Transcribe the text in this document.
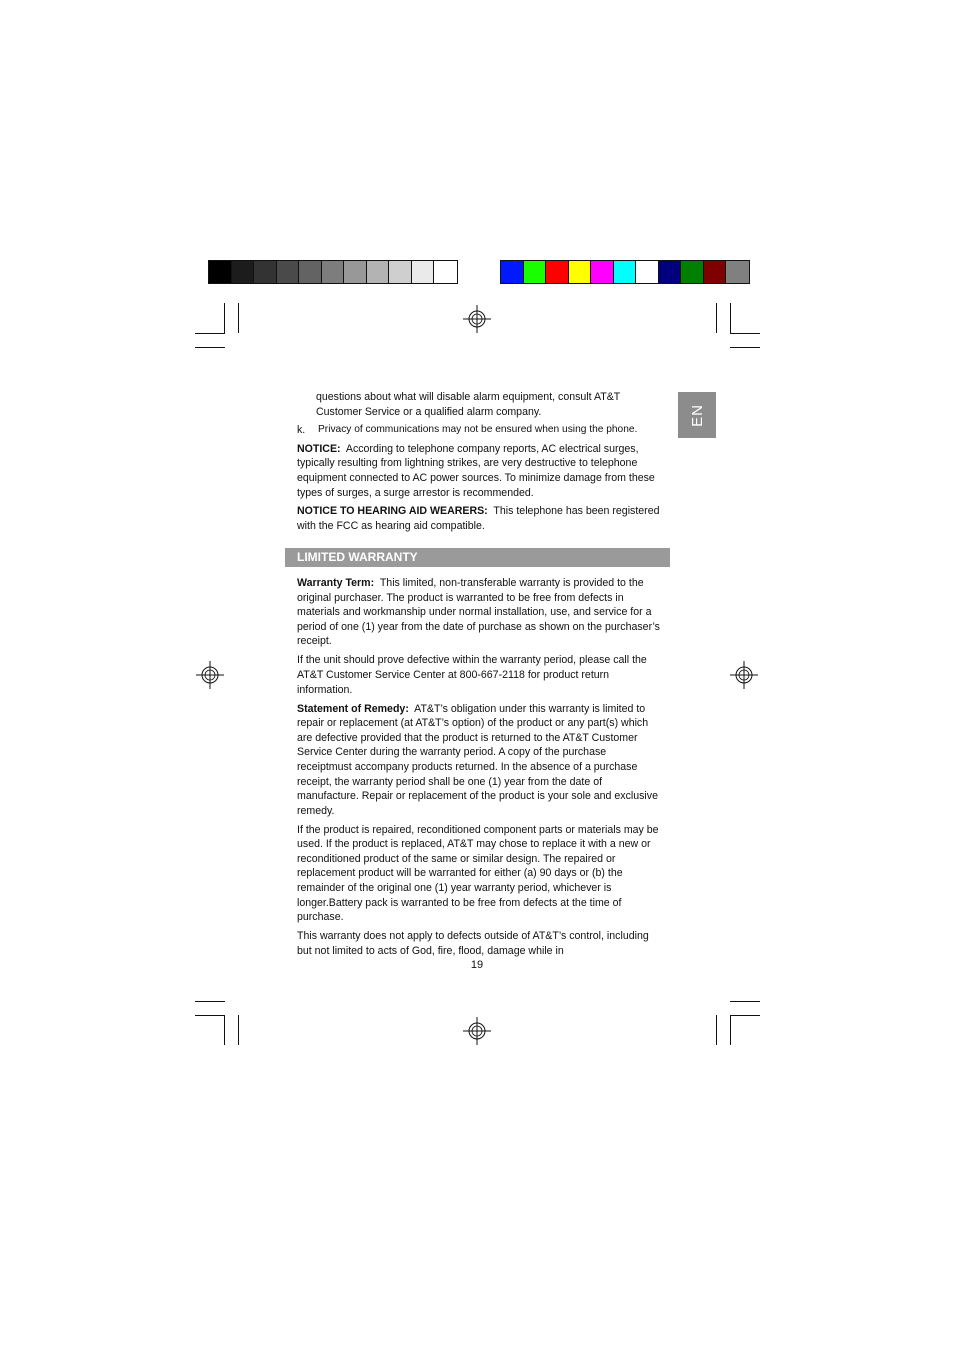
EN

questions about what will disable alarm equipment, consult AT&T Customer Service or a qualified alarm company.

k.	Privacy of communications may not be ensured when using the phone.

NOTICE: According to telephone company reports, AC electrical surges, typically resulting from lightning strikes, are very destructive to telephone equipment connected to AC power sources. To minimize damage from these types of surges, a surge arrestor is recommended.

NOTICE TO HEARING AID WEARERS: This telephone has been registered with the FCC as hearing aid compatible.

LIMITED WARRANTY

Warranty Term: This limited, non-transferable warranty is provided to the original purchaser. The product is warranted to be free from defects in materials and workmanship under normal installation, use, and service for a period of one (1) year from the date of purchase as shown on the purchaser’s receipt.

If the unit should prove defective within the warranty period, please call the AT&T Customer Service Center at 800-667-2118 for product return information.

Statement of Remedy: AT&T’s obligation under this warranty is limited to repair or replacement (at AT&T’s option) of the product or any part(s) which are defective provided that the product is returned to the AT&T Customer Service Center during the warranty period. A copy of the purchase receiptmust accompany products returned. In the absence of a purchase receipt, the warranty period shall be one (1) year from the date of manufacture. Repair or replacement of the product is your sole and exclusive remedy.

If the product is repaired, reconditioned component parts or materials may be used. If the product is replaced, AT&T may chose to replace it with a new or reconditioned product of the same or similar design. The repaired or replacement product will be warranted for either (a) 90 days or (b) the remainder of the original one (1) year warranty period, whichever is longer.Battery pack is warranted to be free from defects at the time of purchase.

This warranty does not apply to defects outside of AT&T’s control, including but not limited to acts of God, fire, flood, damage while in

19
